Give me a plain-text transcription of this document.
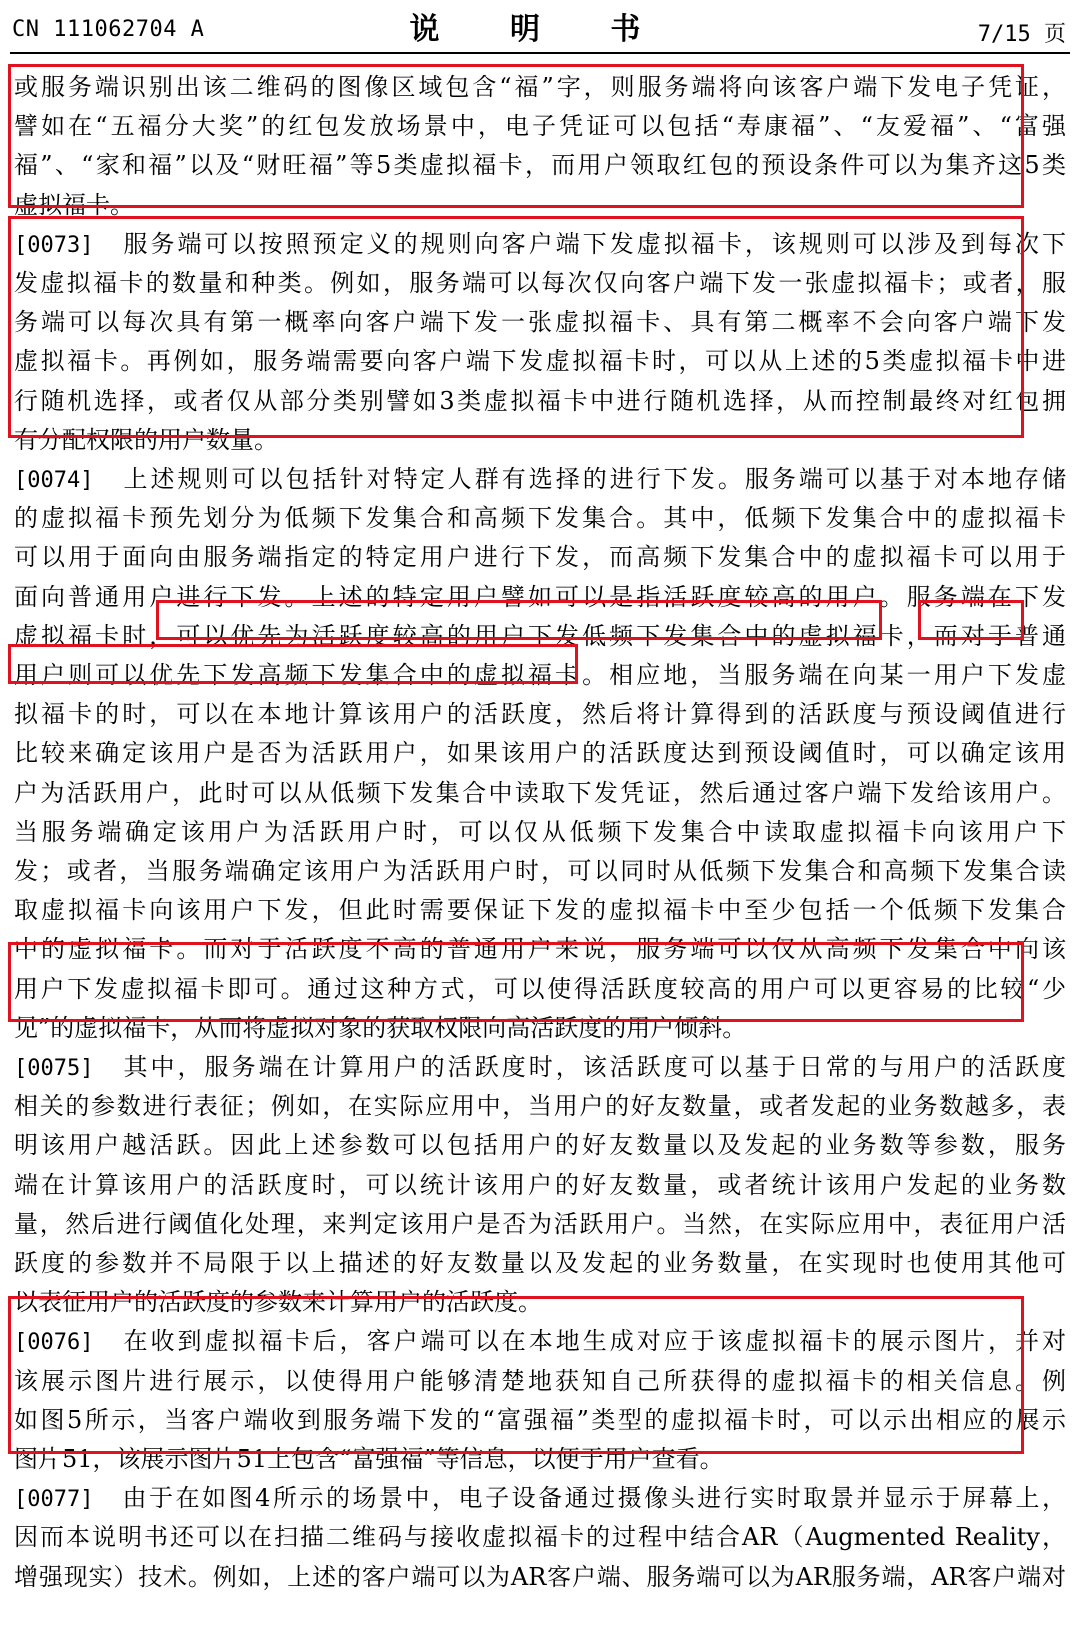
CN 111062704 A	说 明 书	7/15 页
或服务端识别出该二维码的图像区域包含“福”字，则服务端将向该客户端下发电子凭证，
譬如在“五福分大奖”的红包发放场景中，电子凭证可以包括“寿康福”、“友爱福”、“富强
福”、“家和福”以及“财旺福”等5类虚拟福卡，而用户领取红包的预设条件可以为集齐这5类
虚拟福卡。
[0073]　服务端可以按照预定义的规则向客户端下发虚拟福卡，该规则可以涉及到每次下
发虚拟福卡的数量和种类。例如，服务端可以每次仅向客户端下发一张虚拟福卡；或者，服
务端可以每次具有第一概率向客户端下发一张虚拟福卡、具有第二概率不会向客户端下发
虚拟福卡。再例如，服务端需要向客户端下发虚拟福卡时，可以从上述的5类虚拟福卡中进
行随机选择，或者仅从部分类别譬如3类虚拟福卡中进行随机选择，从而控制最终对红包拥
有分配权限的用户数量。
[0074]　上述规则可以包括针对特定人群有选择的进行下发。服务端可以基于对本地存储
的虚拟福卡预先划分为低频下发集合和高频下发集合。其中，低频下发集合中的虚拟福卡
可以用于面向由服务端指定的特定用户进行下发，而高频下发集合中的虚拟福卡可以用于
面向普通用户进行下发。上述的特定用户譬如可以是指活跃度较高的用户。服务端在下发
虚拟福卡时，可以优先为活跃度较高的用户下发低频下发集合中的虚拟福卡，而对于普通
用户则可以优先下发高频下发集合中的虚拟福卡。相应地，当服务端在向某一用户下发虚
拟福卡的时，可以在本地计算该用户的活跃度，然后将计算得到的活跃度与预设阈值进行
比较来确定该用户是否为活跃用户，如果该用户的活跃度达到预设阈值时，可以确定该用
户为活跃用户，此时可以从低频下发集合中读取下发凭证，然后通过客户端下发给该用户。
当服务端确定该用户为活跃用户时，可以仅从低频下发集合中读取虚拟福卡向该用户下
发；或者，当服务端确定该用户为活跃用户时，可以同时从低频下发集合和高频下发集合读
取虚拟福卡向该用户下发，但此时需要保证下发的虚拟福卡中至少包括一个低频下发集合
中的虚拟福卡。而对于活跃度不高的普通用户来说，服务端可以仅从高频下发集合中向该
用户下发虚拟福卡即可。通过这种方式，可以使得活跃度较高的用户可以更容易的比较“少
见”的虚拟福卡，从而将虚拟对象的获取权限向高活跃度的用户倾斜。
[0075]　其中，服务端在计算用户的活跃度时，该活跃度可以基于日常的与用户的活跃度
相关的参数进行表征；例如，在实际应用中，当用户的好友数量，或者发起的业务数越多，表
明该用户越活跃。因此上述参数可以包括用户的好友数量以及发起的业务数等参数，服务
端在计算该用户的活跃度时，可以统计该用户的好友数量，或者统计该用户发起的业务数
量，然后进行阈值化处理，来判定该用户是否为活跃用户。当然，在实际应用中，表征用户活
跃度的参数并不局限于以上描述的好友数量以及发起的业务数量，在实现时也使用其他可
以表征用户的活跃度的参数来计算用户的活跃度。
[0076]　在收到虚拟福卡后，客户端可以在本地生成对应于该虚拟福卡的展示图片，并对
该展示图片进行展示，以使得用户能够清楚地获知自己所获得的虚拟福卡的相关信息。例
如图5所示，当客户端收到服务端下发的“富强福”类型的虚拟福卡时，可以示出相应的展示
图片51，该展示图片51上包含“富强福”等信息，以便于用户查看。
[0077]　由于在如图4所示的场景中，电子设备通过摄像头进行实时取景并显示于屏幕上，
因而本说明书还可以在扫描二维码与接收虚拟福卡的过程中结合AR（Augmented Reality，
增强现实）技术。例如，上述的客户端可以为AR客户端、服务端可以为AR服务端，AR客户端对
